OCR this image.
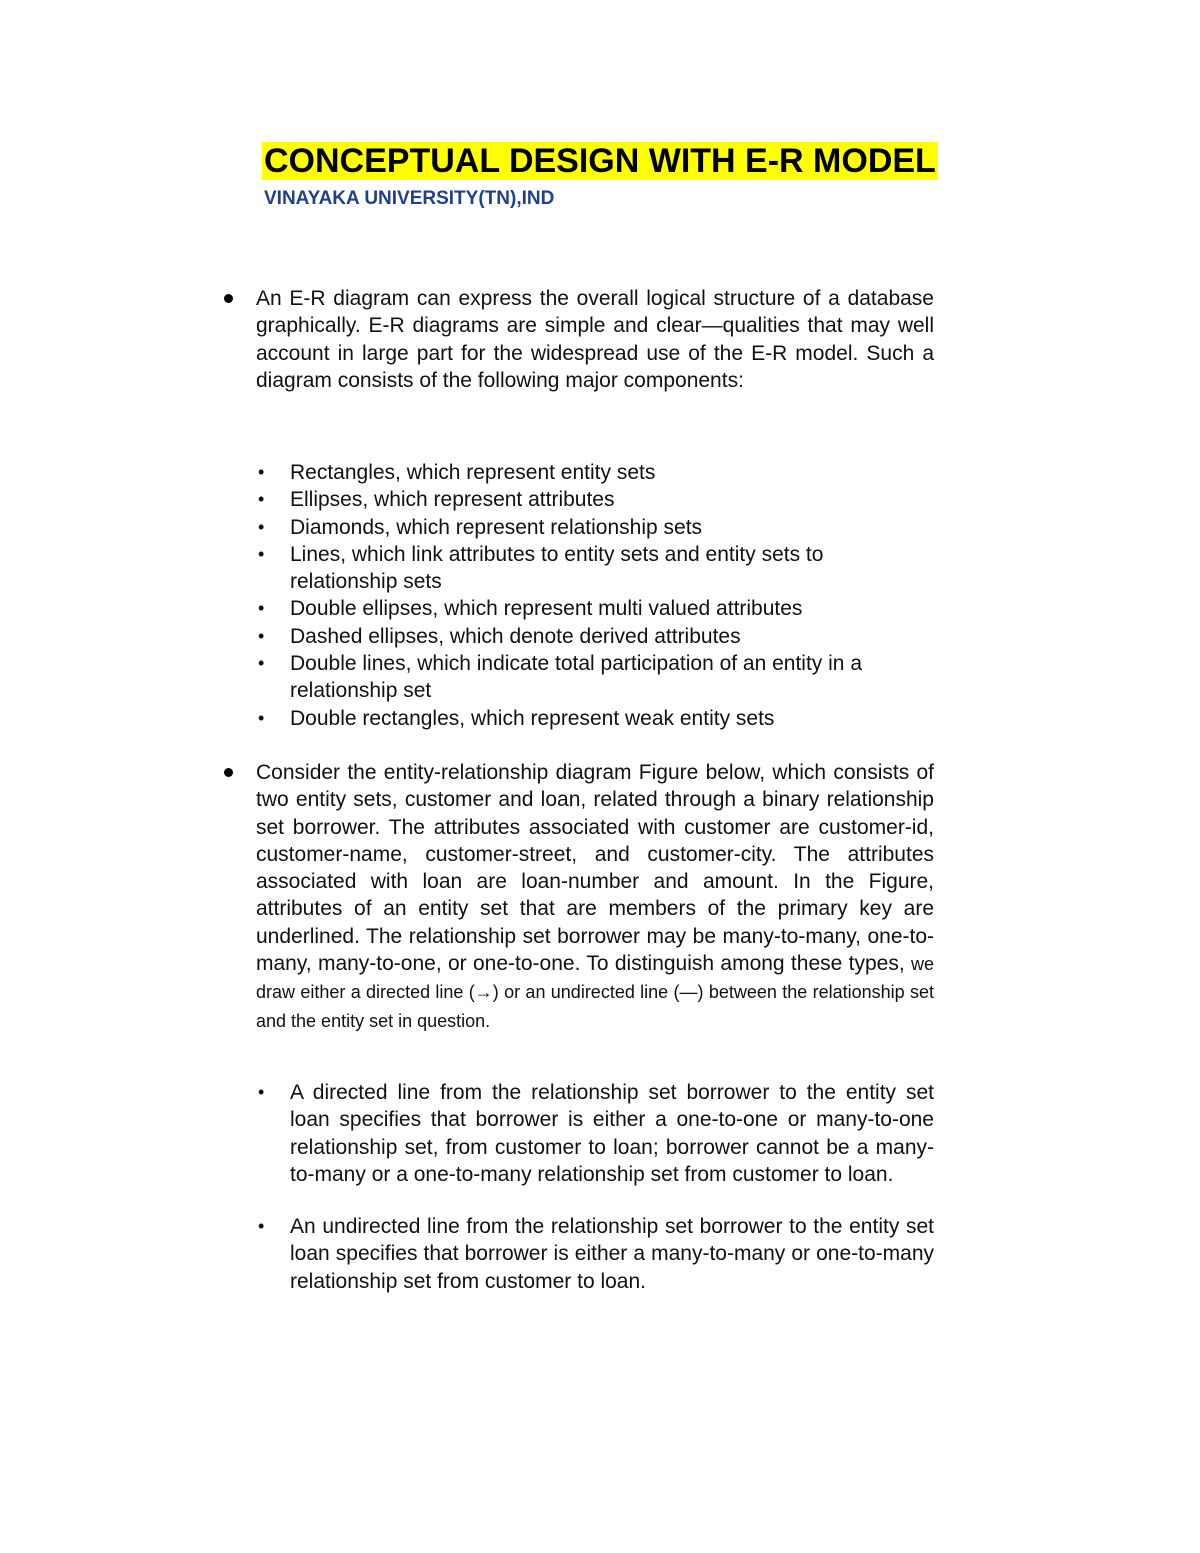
CONCEPTUAL DESIGN WITH E-R MODEL

VINAYAKA UNIVERSITY(TN),IND

An E-R diagram can express the overall logical structure of a database graphically. E-R diagrams are simple and clear—qualities that may well account in large part for the widespread use of the E-R model. Such a diagram consists of the following major components:

• Rectangles, which represent entity sets

• Ellipses, which represent attributes

• Diamonds, which represent relationship sets

• Lines, which link attributes to entity sets and entity sets to relationship sets

• Double ellipses, which represent multi valued attributes

• Dashed ellipses, which denote derived attributes

• Double lines, which indicate total participation of an entity in a relationship set

• Double rectangles, which represent weak entity sets

Consider the entity-relationship diagram Figure below, which consists of two entity sets, customer and loan, related through a binary relationship set borrower. The attributes associated with customer are customer-id, customer-name, customer-street, and customer-city. The attributes associated with loan are loan-number and amount. In the Figure, attributes of an entity set that are members of the primary key are underlined. The relationship set borrower may be many-to-many, one-to-many, many-to-one, or one-to-one. To distinguish among these types, we draw either a directed line (→) or an undirected line (—) between the relationship set and the entity set in question.

• A directed line from the relationship set borrower to the entity set loan specifies that borrower is either a one-to-one or many-to-one relationship set, from customer to loan; borrower cannot be a many-to-many or a one-to-many relationship set from customer to loan.

• An undirected line from the relationship set borrower to the entity set loan specifies that borrower is either a many-to-many or one-to-many relationship set from customer to loan.
